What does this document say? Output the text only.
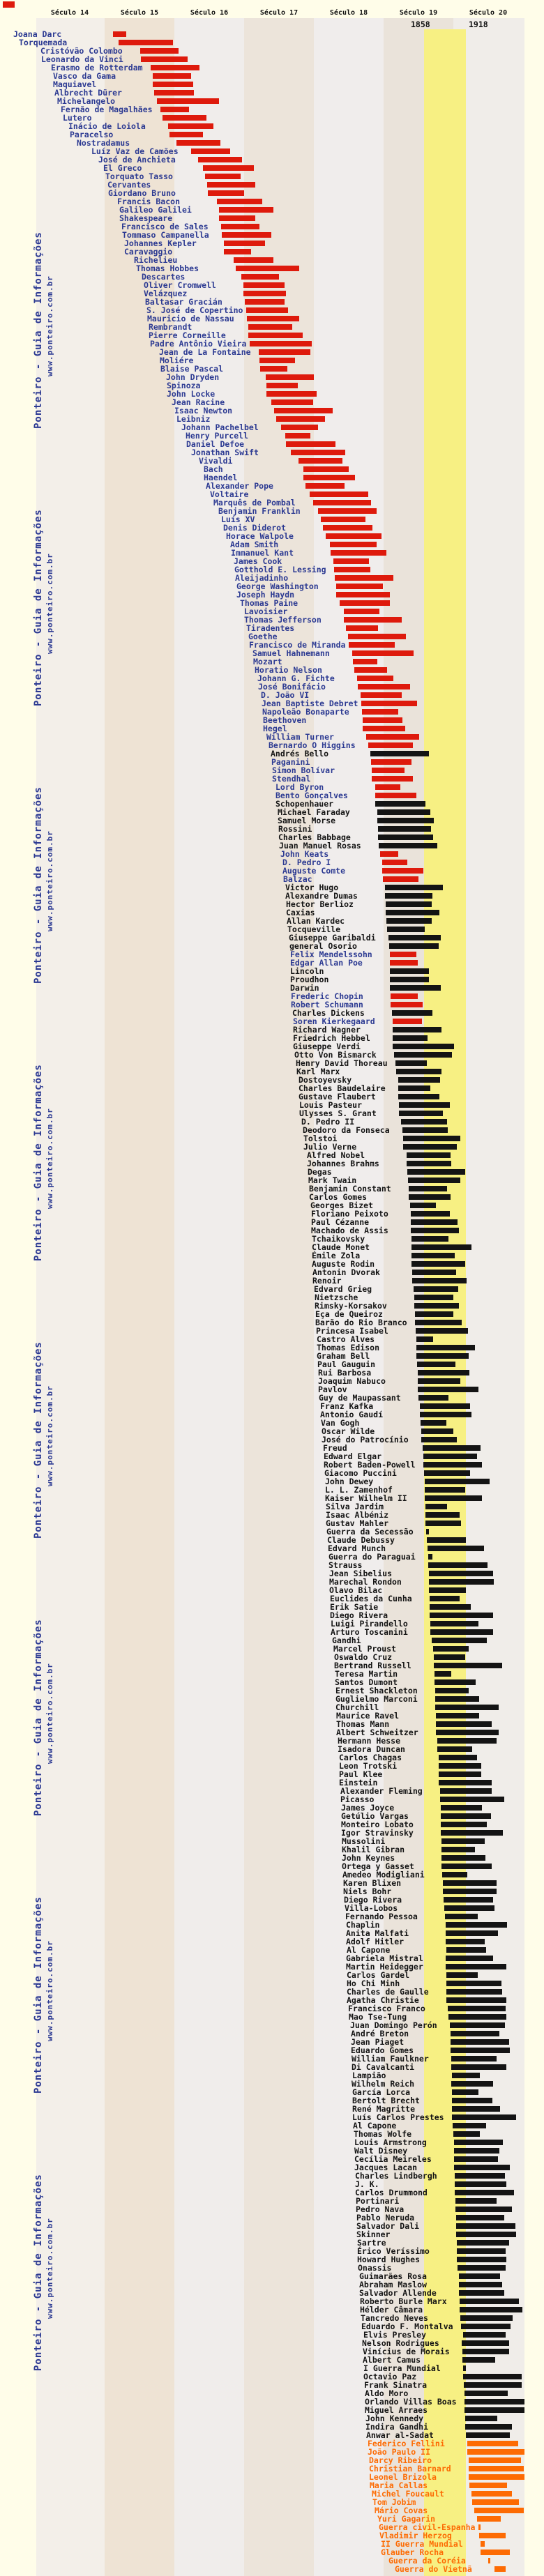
Século 14	Século 15	Século 16	Século 17	Século 18	Século 19	Século 20
1858	1918
Joana Darc
Torquemada
Cristóvão Colombo
Leonardo da Vinci
Erasmo de Rotterdam
Vasco da Gama
Maquiavel
Albrecht Dürer
Michelangelo
Fernão de Magalhães
Lutero
Inácio de Loiola
Paracelso
Nostradamus
Luíz Vaz de Camões
José de Anchieta
El Greco
Torquato Tasso
Cervantes
Giordano Bruno
Francis Bacon
Galileo Galilei
Shakespeare
Francisco de Sales
Tommaso Campanella
Johannes Kepler
Caravaggio
Richelieu
Thomas Hobbes
Descartes
Oliver Cromwell
Velázquez
Baltasar Gracián
S. José de Copertino
Mauricio de Nassau
Rembrandt
Pierre Corneille
Padre Antônio Vieira
Jean de La Fontaine
Moliére
Blaise Pascal
John Dryden
Spinoza
John Locke
Jean Racine
Isaac Newton
Leibniz
Johann Pachelbel
Henry Purcell
Daniel Defoe
Jonathan Swift
Vivaldi
Bach
Haendel
Alexander Pope
Voltaire
Marquês de Pombal
Benjamin Franklin
Luís XV
Denis Diderot
Horace Walpole
Adam Smith
Immanuel Kant
James Cook
Gotthold E. Lessing
Aleijadinho
George Washington
Joseph Haydn
Thomas Paine
Lavoisier
Thomas Jefferson
Tiradentes
Goethe
Francisco de Miranda
Samuel Hahnemann
Mozart
Horatio Nelson
Johann G. Fichte
José Bonifácio
D. João VI
Jean Baptiste Debret
Napoleão Bonaparte
Beethoven
Hegel
William Turner
Bernardo O Higgins
Andrés Bello
Paganini
Simon Bolívar
Stendhal
Lord Byron
Bento Gonçalves
Schopenhauer
Michael Faraday
Samuel Morse
Rossini
Charles Babbage
Juan Manuel Rosas
John Keats
D. Pedro I
Auguste Comte
Balzac
Victor Hugo
Alexandre Dumas
Hector Berlioz
Caxias
Allan Kardec
Tocqueville
Giuseppe Garibaldi
general Osorio
Felix Mendelssohn
Edgar Allan Poe
Lincoln
Proudhon
Darwin
Frederic Chopin
Robert Schumann
Charles Dickens
Soren Kierkegaard
Richard Wagner
Friedrich Hebbel
Giuseppe Verdi
Otto Von Bismarck
Henry David Thoreau
Karl Marx
Dostoyevsky
Charles Baudelaire
Gustave Flaubert
Louis Pasteur
Ulysses S. Grant
D. Pedro II
Deodoro da Fonseca
Tolstoi
Julio Verne
Alfred Nobel
Johannes Brahms
Degas
Mark Twain
Benjamin Constant
Carlos Gomes
Georges Bizet
Floriano Peixoto
Paul Cézanne
Machado de Assis
Tchaikovsky
Claude Monet
Émile Zola
Auguste Rodin
Antonin Dvorak
Renoir
Edvard Grieg
Nietzsche
Rimsky-Korsakov
Eça de Queiroz
Barão do Rio Branco
Princesa Isabel
Castro Alves
Thomas Edison
Graham Bell
Paul Gauguin
Rui Barbosa
Joaquim Nabuco
Pavlov
Guy de Maupassant
Franz Kafka
Antonio Gaudí
Van Gogh
Oscar Wilde
José do Patrocínio
Freud
Edward Elgar
Robert Baden-Powell
Giacomo Puccini
John Dewey
L. L. Zamenhof
Kaiser Wilhelm II
Silva Jardim
Isaac Albéniz
Gustav Mahler
Guerra da Secessão
Claude Debussy
Edvard Munch
Guerra do Paraguai
Strauss
Jean Sibelius
Marechal Rondon
Olavo Bilac
Euclides da Cunha
Erik Satie
Diego Rivera
Luigi Pirandello
Arturo Toscanini
Gandhi
Marcel Proust
Oswaldo Cruz
Bertrand Russell
Teresa Martin
Santos Dumont
Ernest Shackleton
Guglielmo Marconi
Churchill
Maurice Ravel
Thomas Mann
Albert Schweitzer
Hermann Hesse
Isadora Duncan
Carlos Chagas
Leon Trotski
Paul Klee
Einstein
Alexander Fleming
Picasso
James Joyce
Getúlio Vargas
Monteiro Lobato
Igor Stravinsky
Mussolini
Khalil Gibran
John Keynes
Ortega y Gasset
Amedeo Modigliani
Karen Blixen
Niels Bohr
Diego Rivera
Villa-Lobos
Fernando Pessoa
Chaplin
Anita Malfati
Adolf Hitler
Al Capone
Gabriela Mistral
Martin Heidegger
Carlos Gardel
Ho Chi Minh
Charles de Gaulle
Agatha Christie
Francisco Franco
Mao Tse-Tung
Juan Domingo Perón
André Breton
Jean Piaget
Eduardo Gomes
William Faulkner
Di Cavalcanti
Lampião
Wilhelm Reich
García Lorca
Bertolt Brecht
René Magritte
Luís Carlos Prestes
Al Capone
Thomas Wolfe
Louis Armstrong
Walt Disney
Cecília Meireles
Jacques Lacan
Charles Lindbergh
J. K.
Carlos Drummond
Portinari
Pedro Nava
Pablo Neruda
Salvador Dali
Skinner
Sartre
Érico Veríssimo
Howard Hughes
Onassis
Guimarães Rosa
Abraham Maslow
Salvador Allende
Roberto Burle Marx
Hélder Câmara
Tancredo Neves
Eduardo F. Montalva
Elvis Presley
Nelson Rodrigues
Vinícius de Morais
Albert Camus
I Guerra Mundial
Octavio Paz
Frank Sinatra
Aldo Moro
Orlando Villas Boas
Miguel Arraes
John Kennedy
Indira Gandhi
Anwar al-Sadat
Federico Fellini
João Paulo II
Darcy Ribeiro
Christian Barnard
Leonel Brizola
Maria Callas
Michel Foucault
Tom Jobim
Mário Covas
Yuri Gagarin
Guerra civil-Espanha
Vladimir Herzog
II Guerra Mundial
Glauber Rocha
Guerra da Coréia
Guerra do Vietnã
Ponteiro - Guia de Informações www.ponteiro.com.br
Ponteiro - Guia de Informações www.ponteiro.com.br
Ponteiro - Guia de Informações www.ponteiro.com.br
Ponteiro - Guia de Informações www.ponteiro.com.br
Ponteiro - Guia de Informações www.ponteiro.com.br
Ponteiro - Guia de Informações www.ponteiro.com.br
Ponteiro - Guia de Informações www.ponteiro.com.br
Ponteiro - Guia de Informações www.ponteiro.com.br
